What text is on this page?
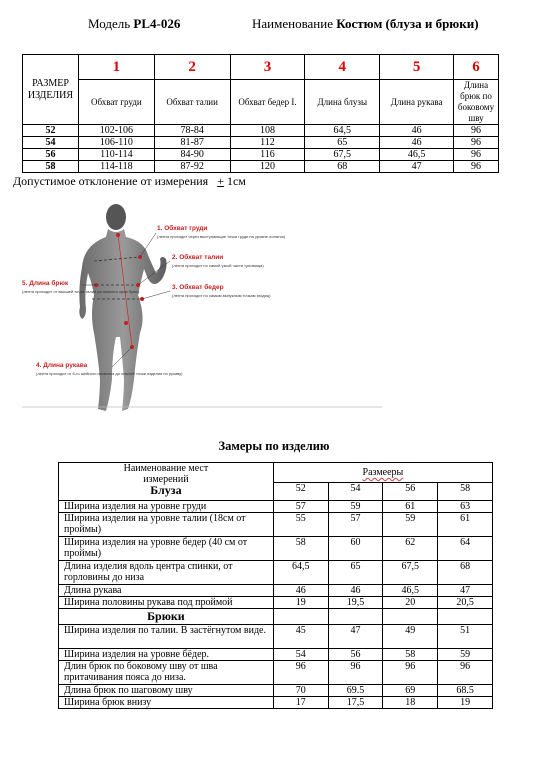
Модель PL4-026	Наименование Костюм (блуза и брюки)
РАЗМЕР ИЗДЕЛИЯ	1	2	3	4	5	6
	Обхват груди	Обхват талии	Обхват бедер I.	Длина блузы	Длина рукава	Длина брюк по боковому шву
52	102-106	78-84	108	64,5	46	96
54	106-110	81-87	112	65	46	96
56	110-114	84-90	116	67,5	46,5	96
58	114-118	87-92	120	68	47	96
Допустимое отклонение от измерения + 1см
1. Обхват груди
(лента проходит через выступающие точки груди на уровне лопаток)
2. Обхват талии
(лента проходит по самой узкой части туловища)
3. Обхват бедер
(лента проходит по самым выпуклым точкам ягодиц)
4. Длина рукава
(лента проходит от 6-го шейного позвонка до нижней точки изделия по рукаву)
5. Длина брюк
(лента проходит от высшей точки талии до нижнего края брюк)
Замеры по изделию
Наименование мест измерений
Блуза	Размееры			
	52	54	56	58
Ширина изделия на уровне груди	57	59	61	63
Ширина изделия на уровне талии (18см от проймы)	55	57	59	61
Ширина изделия на уровне бедер (40 см от проймы)	58	60	62	64
Длина изделия вдоль центра спинки, от горловины до низа	64,5	65	67,5	68
Длина рукава	46	46	46,5	47
Ширина половины рукава под проймой	19	19,5	20	20,5
Брюки				
Ширина изделия по талии. В застёгнутом виде.	45	47	49	51
Ширина изделия на уровне бёдер.	54	56	58	59
Длин брюк по боковому шву от шва притачивания пояса до низа.	96	96	96	96
Длина брюк по шаговому шву	70	69.5	69	68.5
Ширина брюк внизу	17	17,5	18	19
